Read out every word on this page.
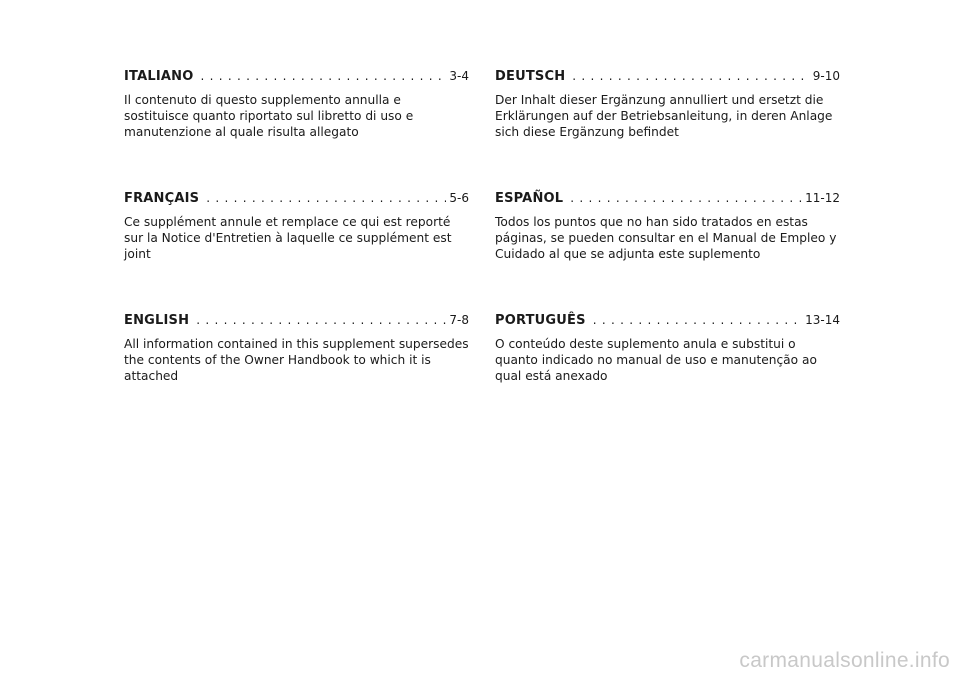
ITALIANO . . .	3-4

Il contenuto di questo supplemento annulla e sostituisce quanto riportato sul libretto di uso e manutenzione al quale risulta allegato

FRANÇAIS . . .	5-6

Ce supplément annule et remplace ce qui est reporté sur la Notice d'Entretien à laquelle ce supplément est joint

ENGLISH . . .	7-8

All information contained in this supplement supersedes the contents of the Owner Handbook to which it is attached

DEUTSCH . . .	9-10

Der Inhalt dieser Ergänzung annulliert und ersetzt die Erklärungen auf der Betriebsanleitung, in deren Anlage sich diese Ergänzung befindet

ESPAÑOL . . .	11-12

Todos los puntos que no han sido tratados en estas páginas, se pueden consultar en el Manual de Empleo y Cuidado al que se adjunta este suplemento

PORTUGUÊS . . .	13-14

O conteúdo deste suplemento anula e substitui o quanto indicado no manual de uso e manutenção ao qual está anexado

carmanualsonline.info
